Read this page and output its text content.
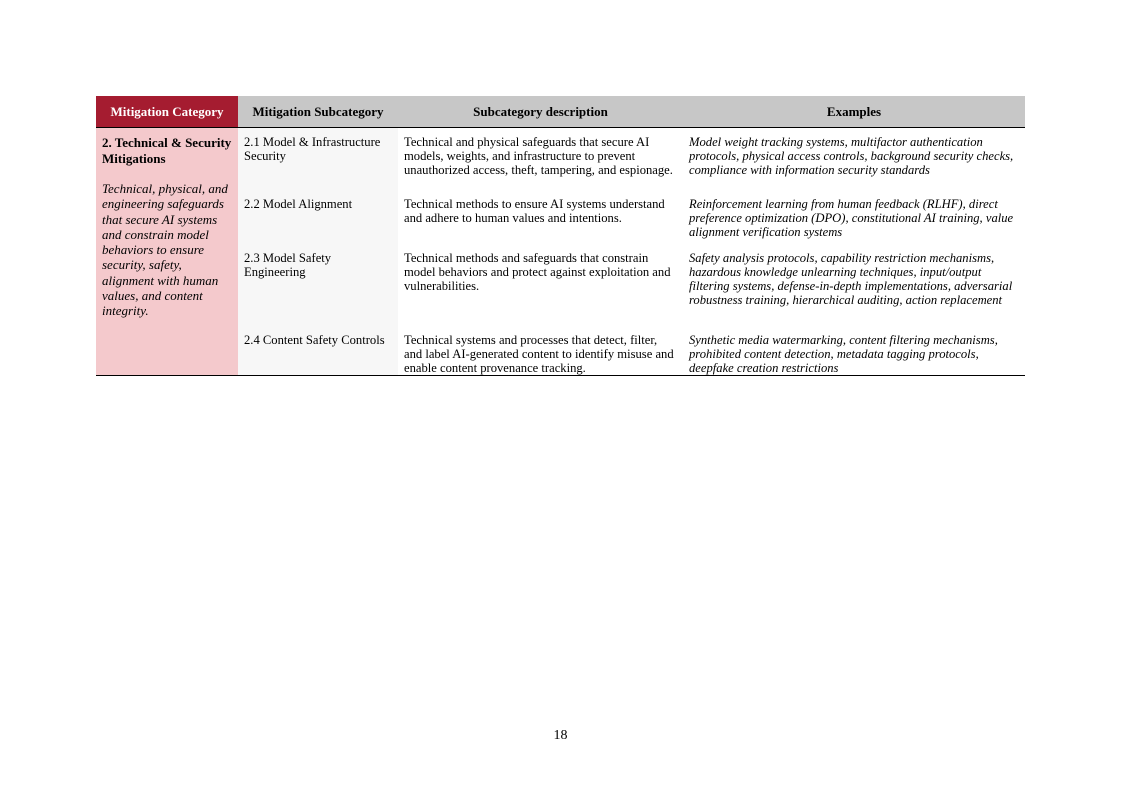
Mitigation Category	Mitigation Subcategory	Subcategory description	Examples

2. Technical & Security Mitigations
Technical, physical, and engineering safeguards that secure AI systems and constrain model behaviors to ensure security, safety, alignment with human values, and content integrity.	2.1 Model & Infrastructure Security	Technical and physical safeguards that secure AI models, weights, and infrastructure to prevent unauthorized access, theft, tampering, and espionage.	Model weight tracking systems, multifactor authentication protocols, physical access controls, background security checks, compliance with information security standards
	2.2 Model Alignment	Technical methods to ensure AI systems understand and adhere to human values and intentions.	Reinforcement learning from human feedback (RLHF), direct preference optimization (DPO), constitutional AI training, value alignment verification systems
	2.3 Model Safety Engineering	Technical methods and safeguards that constrain model behaviors and protect against exploitation and vulnerabilities.	Safety analysis protocols, capability restriction mechanisms, hazardous knowledge unlearning techniques, input/output filtering systems, defense-in-depth implementations, adversarial robustness training, hierarchical auditing, action replacement
	2.4 Content Safety Controls	Technical systems and processes that detect, filter, and label AI-generated content to identify misuse and enable content provenance tracking.	Synthetic media watermarking, content filtering mechanisms, prohibited content detection, metadata tagging protocols, deepfake creation restrictions
18
